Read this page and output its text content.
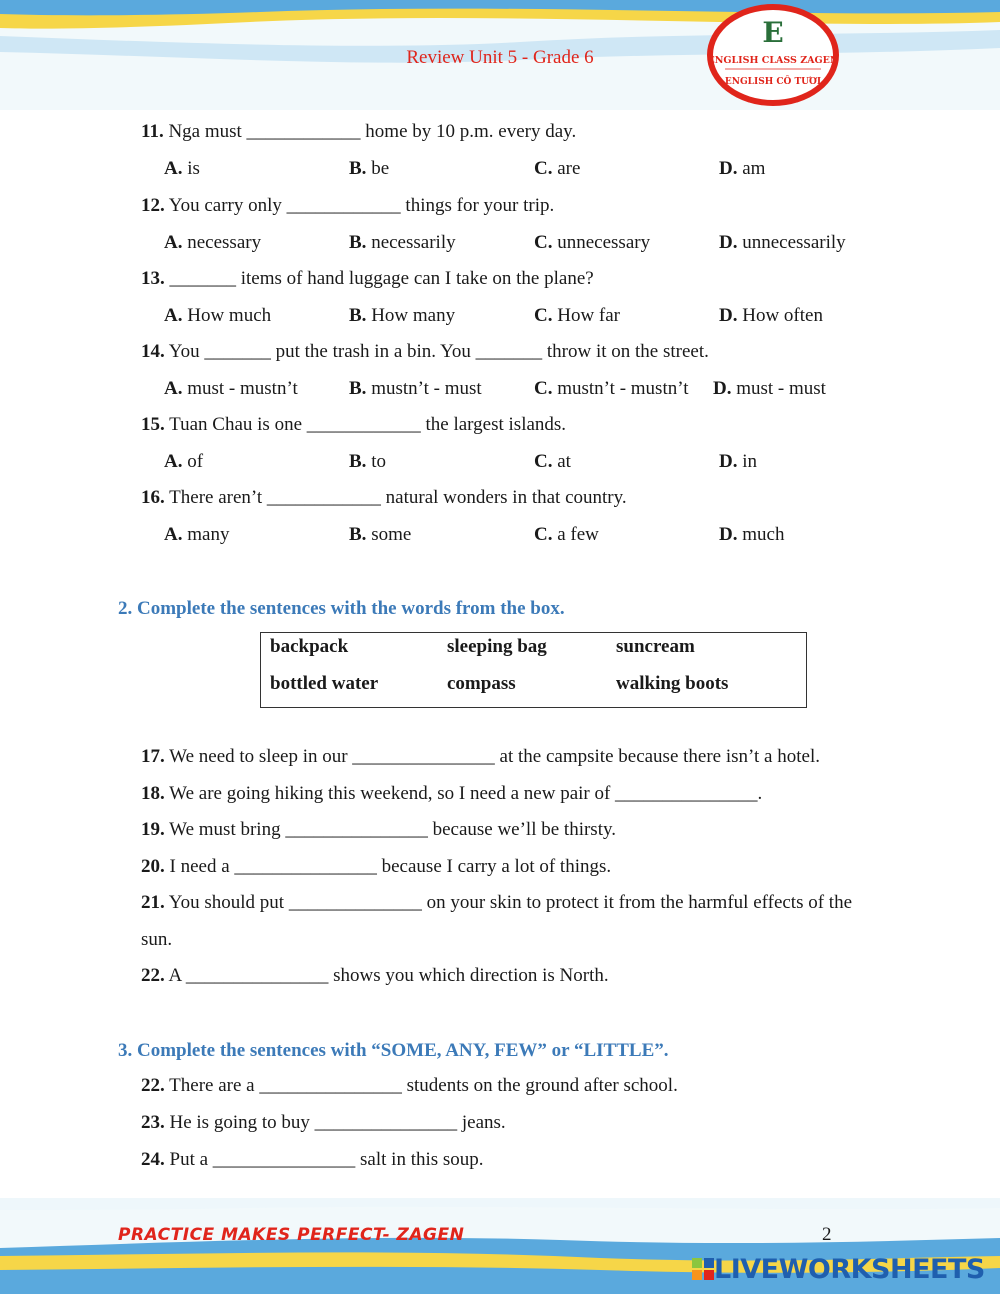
Review Unit 5 - Grade 6
E
ENGLISH CLASS ZAGEN
ENGLISH CÔ TƯƠI
11. Nga must ____________ home by 10 p.m. every day.
A. is	B. be	C. are	D. am
12. You carry only ____________ things for your trip.
A. necessary	B. necessarily	C. unnecessary	D. unnecessarily
13. _______ items of hand luggage can I take on the plane?
A. How much	B. How many	C. How far	D. How often
14. You _______ put the trash in a bin. You _______ throw it on the street.
A. must - mustn’t	B. mustn’t - must	C. mustn’t - mustn’t D. must - must
15. Tuan Chau is one ____________ the largest islands.
A. of	B. to	C. at	D. in
16. There aren’t ____________ natural wonders in that country.
A. many	B. some	C. a few	D. much
2. Complete the sentences with the words from the box.
backpack	sleeping bag	suncream
bottled water	compass	walking boots
17. We need to sleep in our _______________ at the campsite because there isn’t a hotel.
18. We are going hiking this weekend, so I need a new pair of _______________.
19. We must bring _______________ because we’ll be thirsty.
20. I need a _______________ because I carry a lot of things.
21. You should put ______________ on your skin to protect it from the harmful effects of the
sun.
22. A _______________ shows you which direction is North.
3. Complete the sentences with “SOME, ANY, FEW” or “LITTLE”.
22. There are a _______________ students on the ground after school.
23. He is going to buy _______________ jeans.
24. Put a _______________ salt in this soup.
PRACTICE MAKES PERFECT- ZAGEN	2
LIVEWORKSHEETS
